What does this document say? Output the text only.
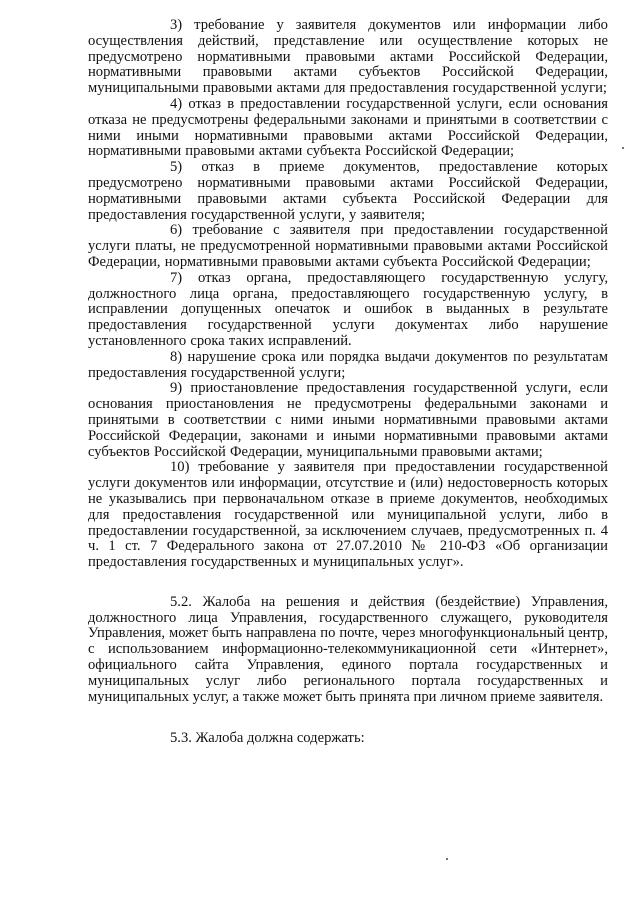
3) требование у заявителя документов или информации либо осуществления действий, представление или осуществление которых не предусмотрено нормативными правовыми актами Российской Федерации, нормативными правовыми актами субъектов Российской Федерации, муниципальными правовыми актами для предоставления государственной услуги;

4) отказ в предоставлении государственной услуги, если основания отказа не предусмотрены федеральными законами и принятыми в соответствии с ними иными нормативными правовыми актами Российской Федерации, нормативными правовыми актами субъекта Российской Федерации;

5) отказ в приеме документов, предоставление которых предусмотрено нормативными правовыми актами Российской Федерации, нормативными правовыми актами субъекта Российской Федерации для предоставления государственной услуги, у заявителя;

6) требование с заявителя при предоставлении государственной услуги платы, не предусмотренной нормативными правовыми актами Российской Федерации, нормативными правовыми актами субъекта Российской Федерации;

7) отказ органа, предоставляющего государственную услугу, должностного лица органа, предоставляющего государственную услугу, в исправлении допущенных опечаток и ошибок в выданных в результате предоставления государственной услуги документах либо нарушение установленного срока таких исправлений.

8) нарушение срока или порядка выдачи документов по результатам предоставления государственной услуги;

9) приостановление предоставления государственной услуги, если основания приостановления не предусмотрены федеральными законами и принятыми в соответствии с ними иными нормативными правовыми актами Российской Федерации, законами и иными нормативными правовыми актами субъектов Российской Федерации, муниципальными правовыми актами;

10) требование у заявителя при предоставлении государственной услуги документов или информации, отсутствие и (или) недостоверность которых не указывались при первоначальном отказе в приеме документов, необходимых для предоставления государственной или муниципальной услуги, либо в предоставлении государственной, за исключением случаев, предусмотренных п. 4 ч. 1 ст. 7 Федерального закона от 27.07.2010 № 210-ФЗ «Об организации предоставления государственных и муниципальных услуг».

5.2. Жалоба на решения и действия (бездействие) Управления, должностного лица Управления, государственного служащего, руководителя Управления, может быть направлена по почте, через многофункциональный центр, с использованием информационно-телекоммуникационной сети «Интернет», официального сайта Управления, единого портала государственных и муниципальных услуг либо регионального портала государственных и муниципальных услуг, а также может быть принята при личном приеме заявителя.

5.3. Жалоба должна содержать:
